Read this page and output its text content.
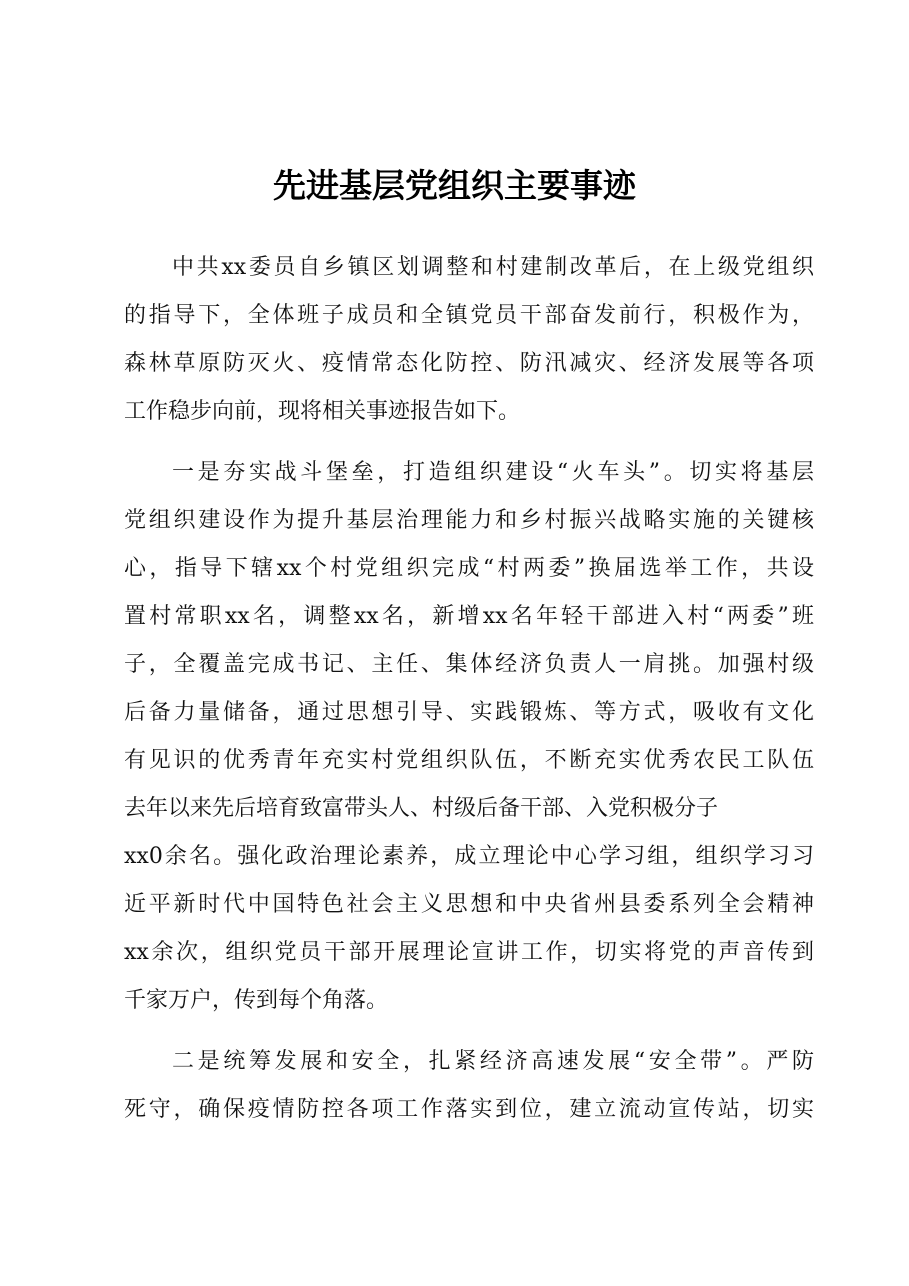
先进基层党组织主要事迹

中共xx委员自乡镇区划调整和村建制改革后，在上级党组织
的指导下，全体班子成员和全镇党员干部奋发前行，积极作为，
森林草原防灭火、疫情常态化防控、防汛减灾、经济发展等各项
工作稳步向前，现将相关事迹报告如下。

一是夯实战斗堡垒，打造组织建设“火车头”。切实将基层
党组织建设作为提升基层治理能力和乡村振兴战略实施的关键核
心，指导下辖xx个村党组织完成“村两委”换届选举工作，共设
置村常职xx名，调整xx名，新增xx名年轻干部进入村“两委”班
子，全覆盖完成书记、主任、集体经济负责人一肩挑。加强村级
后备力量储备，通过思想引导、实践锻炼、等方式，吸收有文化
有见识的优秀青年充实村党组织队伍，不断充实优秀农民工队伍
去年以来先后培育致富带头人、村级后备干部、入党积极分子
xx0余名。强化政治理论素养，成立理论中心学习组，组织学习习
近平新时代中国特色社会主义思想和中央省州县委系列全会精神
xx余次，组织党员干部开展理论宣讲工作，切实将党的声音传到
千家万户，传到每个角落。

二是统筹发展和安全，扎紧经济高速发展“安全带”。严防
死守，确保疫情防控各项工作落实到位，建立流动宣传站，切实
